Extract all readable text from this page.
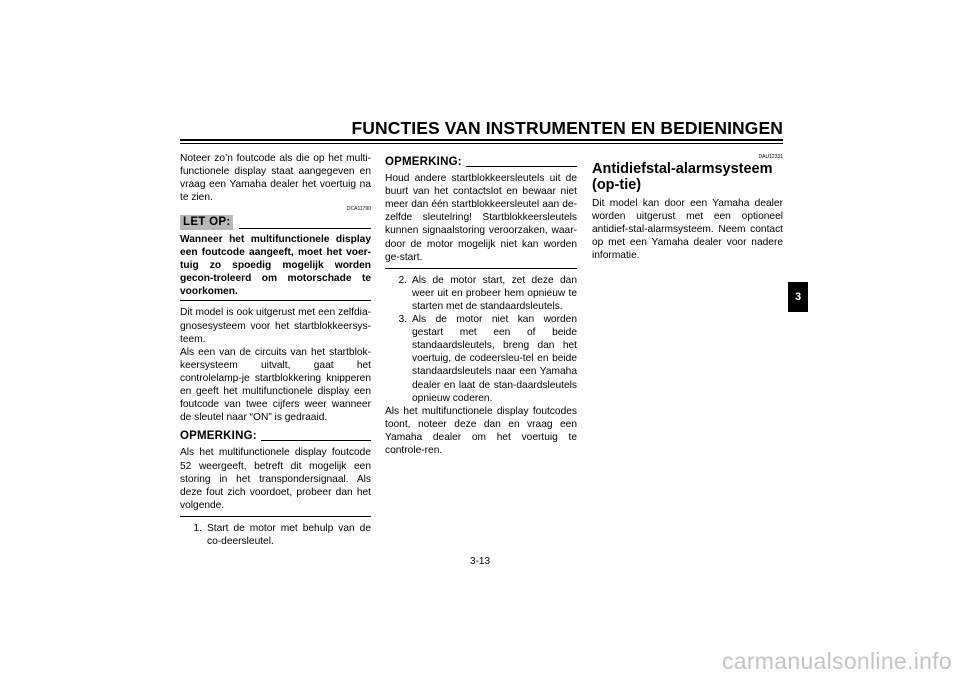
FUNCTIES VAN INSTRUMENTEN EN BEDIENINGEN
3

Noteer zo’n foutcode als die op het multi-functionele display staat aangegeven en vraag een Yamaha dealer het voertuig na te zien.

DCA11790
LET OP:

Wanneer het multifunctionele display een foutcode aangeeft, moet het voer-tuig zo spoedig mogelijk worden gecon-troleerd om motorschade te voorkomen.

Dit model is ook uitgerust met een zelfdia-gnosesysteem voor het startblokkeersys-teem.

Als een van de circuits van het startblok-keersysteem uitvalt, gaat het controlelamp-je startblokkering knipperen en geeft het multifunctionele display een foutcode van twee cijfers weer wanneer de sleutel naar “ON” is gedraaid.

OPMERKING:

Als het multifunctionele display foutcode 52 weergeeft, betreft dit mogelijk een storing in het transpondersignaal. Als deze fout zich voordoet, probeer dan het volgende.

1. Start de motor met behulp van de co-deersleutel.
OPMERKING:

Houd andere startblokkeersleutels uit de buurt van het contactslot en bewaar niet meer dan één startblokkeersleutel aan de-zelfde sleutelring! Startblokkeersleutels kunnen signaalstoring veroorzaken, waar-door de motor mogelijk niet kan worden ge-start.

2. Als de motor start, zet deze dan weer uit en probeer hem opnieuw te starten met de standaardsleutels.
3. Als de motor niet kan worden gestart met een of beide standaardsleutels, breng dan het voertuig, de codeersleu-tel en beide standaardsleutels naar een Yamaha dealer en laat de stan-daardsleutels opnieuw coderen.

Als het multifunctionele display foutcodes toont, noteer deze dan en vraag een Yamaha dealer om het voertuig te controle-ren.

DAU12331
Antidiefstal-alarmsysteem (op-tie)

Dit model kan door een Yamaha dealer worden uitgerust met een optioneel antidief-stal-alarmsysteem. Neem contact op met een Yamaha dealer voor nadere informatie.

3-13
carmanualsonline.info
